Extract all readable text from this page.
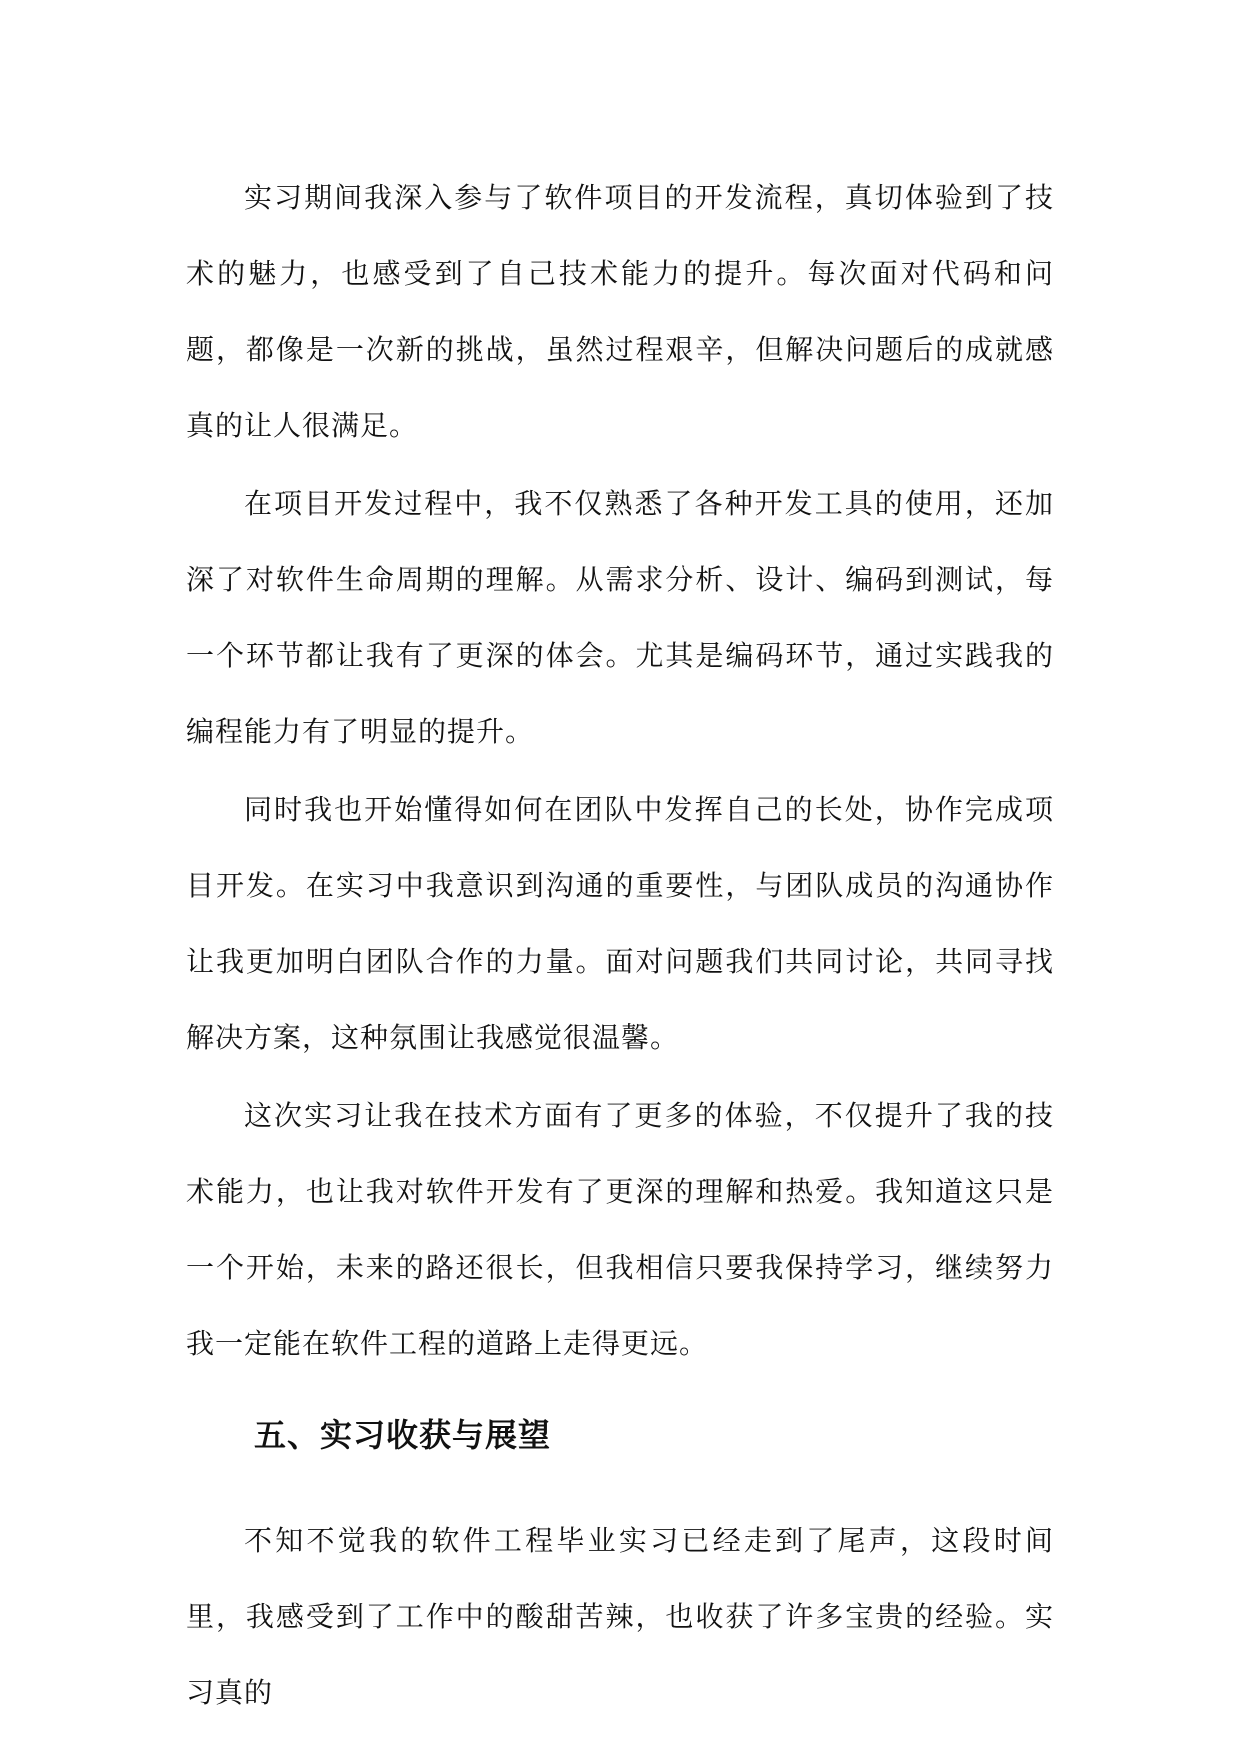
实习期间我深入参与了软件项目的开发流程，真切体验到了技术的魅力，也感受到了自己技术能力的提升。每次面对代码和问题，都像是一次新的挑战，虽然过程艰辛，但解决问题后的成就感真的让人很满足。

在项目开发过程中，我不仅熟悉了各种开发工具的使用，还加深了对软件生命周期的理解。从需求分析、设计、编码到测试，每一个环节都让我有了更深的体会。尤其是编码环节，通过实践我的编程能力有了明显的提升。

同时我也开始懂得如何在团队中发挥自己的长处，协作完成项目开发。在实习中我意识到沟通的重要性，与团队成员的沟通协作让我更加明白团队合作的力量。面对问题我们共同讨论，共同寻找解决方案，这种氛围让我感觉很温馨。

这次实习让我在技术方面有了更多的体验，不仅提升了我的技术能力，也让我对软件开发有了更深的理解和热爱。我知道这只是一个开始，未来的路还很长，但我相信只要我保持学习，继续努力我一定能在软件工程的道路上走得更远。

五、实习收获与展望

不知不觉我的软件工程毕业实习已经走到了尾声，这段时间里，我感受到了工作中的酸甜苦辣，也收获了许多宝贵的经验。实习真的
